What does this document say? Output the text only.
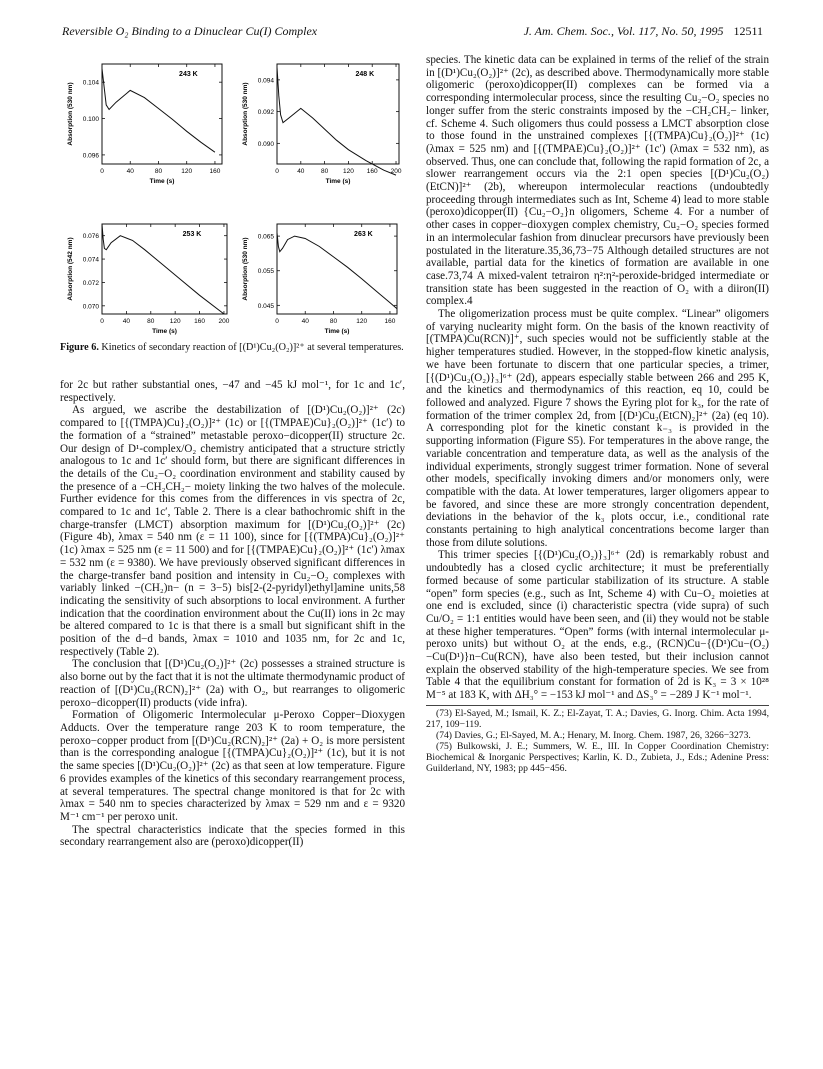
Reversible O₂ Binding to a Dinuclear Cu(I) Complex	J. Am. Chem. Soc., Vol. 117, No. 50, 1995 12511
0	40	80	120	160
0.096
0.100
0.104
243 K
Time (s)
Absorption (530 nm)
0	40	80 120 160 200
0.090
0.092
0.094
248 K
Time (s)
Absorption (530 nm)
0	40	80 120 160 200
0.070
0.072
0.074
0.076	253 K
Time (s)
Absorption (542 nm)
0	40	80	120	160
0.045
0.055
0.065	263 K
Time (s)
Absorption (530 nm)
Figure 6. Kinetics of secondary reaction of [(D¹)Cu₂(O₂)]²⁺ at several temperatures.

for 2c but rather substantial ones, −47 and −45 kJ mol⁻¹, for 1c and 1c′, respectively.

As argued, we ascribe the destabilization of [(D¹)Cu₂(O₂)]²⁺ (2c) compared to [{(TMPA)Cu}₂(O₂)]²⁺ (1c) or [{(TMPAE)Cu}₂(O₂)]²⁺ (1c′) to the formation of a “strained” metastable peroxo−dicopper(II) structure 2c. Our design of D¹-complex/O₂ chemistry anticipated that a structure strictly analogous to 1c and 1c′ should form, but there are significant differences in the details of the Cu₂−O₂ coordination environment and stability caused by the presence of a −CH₂CH₂− moiety linking the two halves of the molecule. Further evidence for this comes from the differences in vis spectra of 2c, compared to 1c and 1c′, Table 2. There is a clear bathochromic shift in the charge-transfer (LMCT) absorption maximum for [(D¹)Cu₂(O₂)]²⁺ (2c) (Figure 4b), λmax = 540 nm (ε = 11 100), since for [{(TMPA)Cu}₂(O₂)]²⁺ (1c) λmax = 525 nm (ε = 11 500) and for [{(TMPAE)Cu}₂(O₂)]²⁺ (1c′) λmax = 532 nm (ε = 9380). We have previously observed significant differences in the charge-transfer band position and intensity in Cu₂−O₂ complexes with variably linked −(CH₂)n− (n = 3−5) bis[2-(2-pyridyl)ethyl]amine units,58 indicating the sensitivity of such absorptions to local environment. A further indication that the coordination environment about the Cu(II) ions in 2c may be altered compared to 1c is that there is a small but significant shift in the position of the d−d bands, λmax = 1010 and 1035 nm, for 2c and 1c, respectively (Table 2).

The conclusion that [(D¹)Cu₂(O₂)]²⁺ (2c) possesses a strained structure is also borne out by the fact that it is not the ultimate thermodynamic product of reaction of [(D¹)Cu₂(RCN)₂]²⁺ (2a) with O₂, but rearranges to oligomeric peroxo−dicopper(II) products (vide infra).

Formation of Oligomeric Intermolecular μ-Peroxo Copper−Dioxygen Adducts. Over the temperature range 203 K to room temperature, the peroxo−copper product from [(D¹)Cu₂(RCN)₂]²⁺ (2a) + O₂ is more persistent than is the corresponding analogue [{(TMPA)Cu}₂(O₂)]²⁺ (1c), but it is not the same species [(D¹)Cu₂(O₂)]²⁺ (2c) as that seen at low temperature. Figure 6 provides examples of the kinetics of this secondary rearrangement process, at several temperatures. The spectral change monitored is that for 2c with λmax = 540 nm to species characterized by λmax = 529 nm and ε = 9320 M⁻¹ cm⁻¹ per peroxo unit.

The spectral characteristics indicate that the species formed in this secondary rearrangement also are (peroxo)dicopper(II)

species. The kinetic data can be explained in terms of the relief of the strain in [(D¹)Cu₂(O₂)]²⁺ (2c), as described above. Thermodynamically more stable oligomeric (peroxo)dicopper(II) complexes can be formed via a corresponding intermolecular process, since the resulting Cu₂−O₂ species no longer suffer from the steric constraints imposed by the −CH₂CH₂− linker, cf. Scheme 4. Such oligomers thus could possess a LMCT absorption close to those found in the unstrained complexes [{(TMPA)Cu}₂(O₂)]²⁺ (1c) (λmax = 525 nm) and [{(TMPAE)Cu}₂(O₂)]²⁺ (1c′) (λmax = 532 nm), as observed. Thus, one can conclude that, following the rapid formation of 2c, a slower rearrangement occurs via the 2:1 open species [(D¹)Cu₂(O₂)(EtCN)]²⁺ (2b), whereupon intermolecular reactions (undoubtedly proceeding through intermediates such as Int, Scheme 4) lead to more stable (peroxo)dicopper(II) {Cu₂−O₂}n oligomers, Scheme 4. For a number of other cases in copper−dioxygen complex chemistry, Cu₂−O₂ species formed in an intermolecular fashion from dinuclear precursors have previously been postulated in the literature.35,36,73−75 Although detailed structures are not available, partial data for the kinetics of formation are available in one case.73,74 A mixed-valent tetrairon η²:η²-peroxide-bridged intermediate or transition state has been suggested in the reaction of O₂ with a diiron(II) complex.4

The oligomerization process must be quite complex. “Linear” oligomers of varying nuclearity might form. On the basis of the known reactivity of [(TMPA)Cu(RCN)]⁺, such species would not be sufficiently stable at the higher temperatures studied. However, in the stopped-flow kinetic analysis, we have been fortunate to discern that one particular species, a trimer, [{(D¹)Cu₂(O₂)}₃]⁶⁺ (2d), appears especially stable between 266 and 295 K, and the kinetics and thermodynamics of this reaction, eq 10, could be followed and analyzed. Figure 7 shows the Eyring plot for k₃, for the rate of formation of the trimer complex 2d, from [(D¹)Cu₂(EtCN)₂]²⁺ (2a) (eq 10). A corresponding plot for the kinetic constant k₋₃ is provided in the supporting information (Figure S5). For temperatures in the above range, the variable concentration and temperature data, as well as the analysis of the individual experiments, strongly suggest trimer formation. None of several other models, specifically invoking dimers and/or monomers only, were compatible with the data. At lower temperatures, larger oligomers appear to be favored, and since these are more strongly concentration dependent, deviations in the behavior of the k₃ plots occur, i.e., conditional rate constants pertaining to high analytical concentrations become larger than those from dilute solutions.

This trimer species [{(D¹)Cu₂(O₂)}₃]⁶⁺ (2d) is remarkably robust and undoubtedly has a closed cyclic architecture; it must be preferentially formed because of some particular stabilization of its structure. A stable “open” form species (e.g., such as Int, Scheme 4) with Cu−O₂ moieties at one end is excluded, since (i) characteristic spectra (vide supra) of such Cu/O₂ = 1:1 entities would have been seen, and (ii) they would not be stable at these higher temperatures. “Open” forms (with internal intermolecular μ-peroxo units) but without O₂ at the ends, e.g., (RCN)Cu−{(D¹)Cu−(O₂)−Cu(D¹)}n−Cu(RCN), have also been tested, but their inclusion cannot explain the observed stability of the high-temperature species. We see from Table 4 that the equilibrium constant for formation of 2d is K₃ = 3 × 10²⁸ M⁻⁵ at 183 K, with ΔH₃° = −153 kJ mol⁻¹ and ΔS₃° = −289 J K⁻¹ mol⁻¹.

(73) El-Sayed, M.; Ismail, K. Z.; El-Zayat, T. A.; Davies, G. Inorg. Chim. Acta 1994, 217, 109−119.
(74) Davies, G.; El-Sayed, M. A.; Henary, M. Inorg. Chem. 1987, 26, 3266−3273.
(75) Bulkowski, J. E.; Summers, W. E., III. In Copper Coordination Chemistry: Biochemical & Inorganic Perspectives; Karlin, K. D., Zubieta, J., Eds.; Adenine Press: Guilderland, NY, 1983; pp 445−456.
